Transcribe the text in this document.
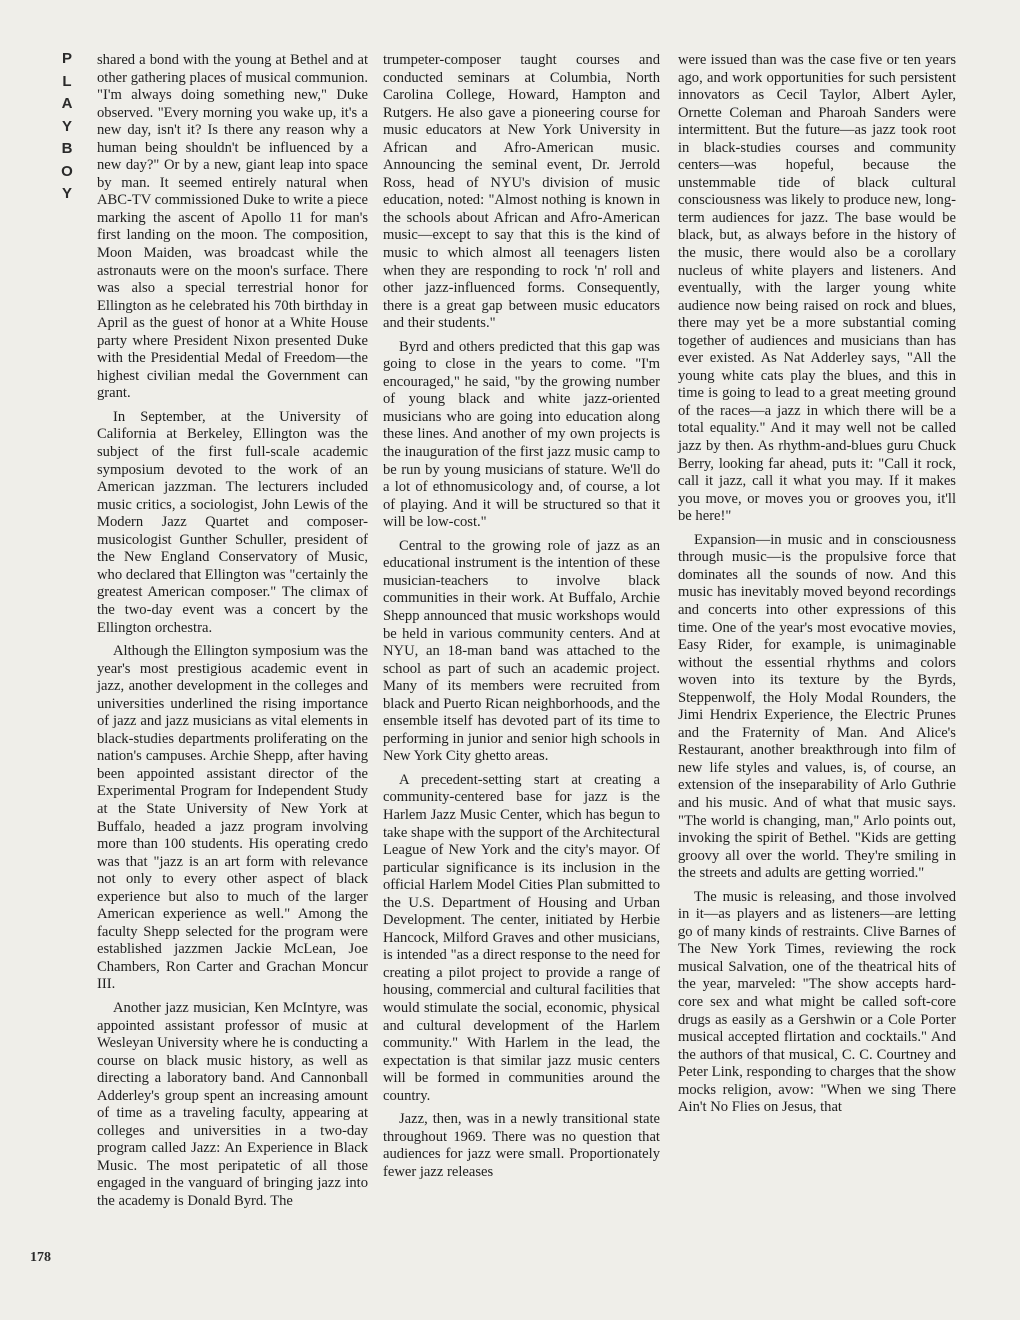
P
L
A
Y
B
O
Y

shared a bond with the young at Bethel and at other gathering places of musical communion. "I'm always doing something new," Duke observed. "Every morning you wake up, it's a new day, isn't it? Is there any reason why a human being shouldn't be influenced by a new day?" Or by a new, giant leap into space by man. It seemed entirely natural when ABC-TV commissioned Duke to write a piece marking the ascent of Apollo 11 for man's first landing on the moon. The composition, Moon Maiden, was broadcast while the astronauts were on the moon's surface. There was also a special terrestrial honor for Ellington as he celebrated his 70th birthday in April as the guest of honor at a White House party where President Nixon presented Duke with the Presidential Medal of Freedom—the highest civilian medal the Government can grant.

In September, at the University of California at Berkeley, Ellington was the subject of the first full-scale academic symposium devoted to the work of an American jazzman. The lecturers included music critics, a sociologist, John Lewis of the Modern Jazz Quartet and composer-musicologist Gunther Schuller, president of the New England Conservatory of Music, who declared that Ellington was "certainly the greatest American composer." The climax of the two-day event was a concert by the Ellington orchestra.

Although the Ellington symposium was the year's most prestigious academic event in jazz, another development in the colleges and universities underlined the rising importance of jazz and jazz musicians as vital elements in black-studies departments proliferating on the nation's campuses. Archie Shepp, after having been appointed assistant director of the Experimental Program for Independent Study at the State University of New York at Buffalo, headed a jazz program involving more than 100 students. His operating credo was that "jazz is an art form with relevance not only to every other aspect of black experience but also to much of the larger American experience as well." Among the faculty Shepp selected for the program were established jazzmen Jackie McLean, Joe Chambers, Ron Carter and Grachan Moncur III.

Another jazz musician, Ken McIntyre, was appointed assistant professor of music at Wesleyan University where he is conducting a course on black music history, as well as directing a laboratory band. And Cannonball Adderley's group spent an increasing amount of time as a traveling faculty, appearing at colleges and universities in a two-day program called Jazz: An Experience in Black Music. The most peripatetic of all those engaged in the vanguard of bringing jazz into the academy is Donald Byrd. The

trumpeter-composer taught courses and conducted seminars at Columbia, North Carolina College, Howard, Hampton and Rutgers. He also gave a pioneering course for music educators at New York University in African and Afro-American music. Announcing the seminal event, Dr. Jerrold Ross, head of NYU's division of music education, noted: "Almost nothing is known in the schools about African and Afro-American music—except to say that this is the kind of music to which almost all teenagers listen when they are responding to rock 'n' roll and other jazz-influenced forms. Consequently, there is a great gap between music educators and their students."

Byrd and others predicted that this gap was going to close in the years to come. "I'm encouraged," he said, "by the growing number of young black and white jazz-oriented musicians who are going into education along these lines. And another of my own projects is the inauguration of the first jazz music camp to be run by young musicians of stature. We'll do a lot of ethnomusicology and, of course, a lot of playing. And it will be structured so that it will be low-cost."

Central to the growing role of jazz as an educational instrument is the intention of these musician-teachers to involve black communities in their work. At Buffalo, Archie Shepp announced that music workshops would be held in various community centers. And at NYU, an 18-man band was attached to the school as part of such an academic project. Many of its members were recruited from black and Puerto Rican neighborhoods, and the ensemble itself has devoted part of its time to performing in junior and senior high schools in New York City ghetto areas.

A precedent-setting start at creating a community-centered base for jazz is the Harlem Jazz Music Center, which has begun to take shape with the support of the Architectural League of New York and the city's mayor. Of particular significance is its inclusion in the official Harlem Model Cities Plan submitted to the U.S. Department of Housing and Urban Development. The center, initiated by Herbie Hancock, Milford Graves and other musicians, is intended "as a direct response to the need for creating a pilot project to provide a range of housing, commercial and cultural facilities that would stimulate the social, economic, physical and cultural development of the Harlem community." With Harlem in the lead, the expectation is that similar jazz music centers will be formed in communities around the country.

Jazz, then, was in a newly transitional state throughout 1969. There was no question that audiences for jazz were small. Proportionately fewer jazz releases

were issued than was the case five or ten years ago, and work opportunities for such persistent innovators as Cecil Taylor, Albert Ayler, Ornette Coleman and Pharoah Sanders were intermittent. But the future—as jazz took root in black-studies courses and community centers—was hopeful, because the unstemmable tide of black cultural consciousness was likely to produce new, long-term audiences for jazz. The base would be black, but, as always before in the history of the music, there would also be a corollary nucleus of white players and listeners. And eventually, with the larger young white audience now being raised on rock and blues, there may yet be a more substantial coming together of audiences and musicians than has ever existed. As Nat Adderley says, "All the young white cats play the blues, and this in time is going to lead to a great meeting ground of the races—a jazz in which there will be a total equality." And it may well not be called jazz by then. As rhythm-and-blues guru Chuck Berry, looking far ahead, puts it: "Call it rock, call it jazz, call it what you may. If it makes you move, or moves you or grooves you, it'll be here!"

Expansion—in music and in consciousness through music—is the propulsive force that dominates all the sounds of now. And this music has inevitably moved beyond recordings and concerts into other expressions of this time. One of the year's most evocative movies, Easy Rider, for example, is unimaginable without the essential rhythms and colors woven into its texture by the Byrds, Steppenwolf, the Holy Modal Rounders, the Jimi Hendrix Experience, the Electric Prunes and the Fraternity of Man. And Alice's Restaurant, another breakthrough into film of new life styles and values, is, of course, an extension of the inseparability of Arlo Guthrie and his music. And of what that music says. "The world is changing, man," Arlo points out, invoking the spirit of Bethel. "Kids are getting groovy all over the world. They're smiling in the streets and adults are getting worried."

The music is releasing, and those involved in it—as players and as listeners—are letting go of many kinds of restraints. Clive Barnes of The New York Times, reviewing the rock musical Salvation, one of the theatrical hits of the year, marveled: "The show accepts hard-core sex and what might be called soft-core drugs as easily as a Gershwin or a Cole Porter musical accepted flirtation and cocktails." And the authors of that musical, C. C. Courtney and Peter Link, responding to charges that the show mocks religion, avow: "When we sing There Ain't No Flies on Jesus, that

178
